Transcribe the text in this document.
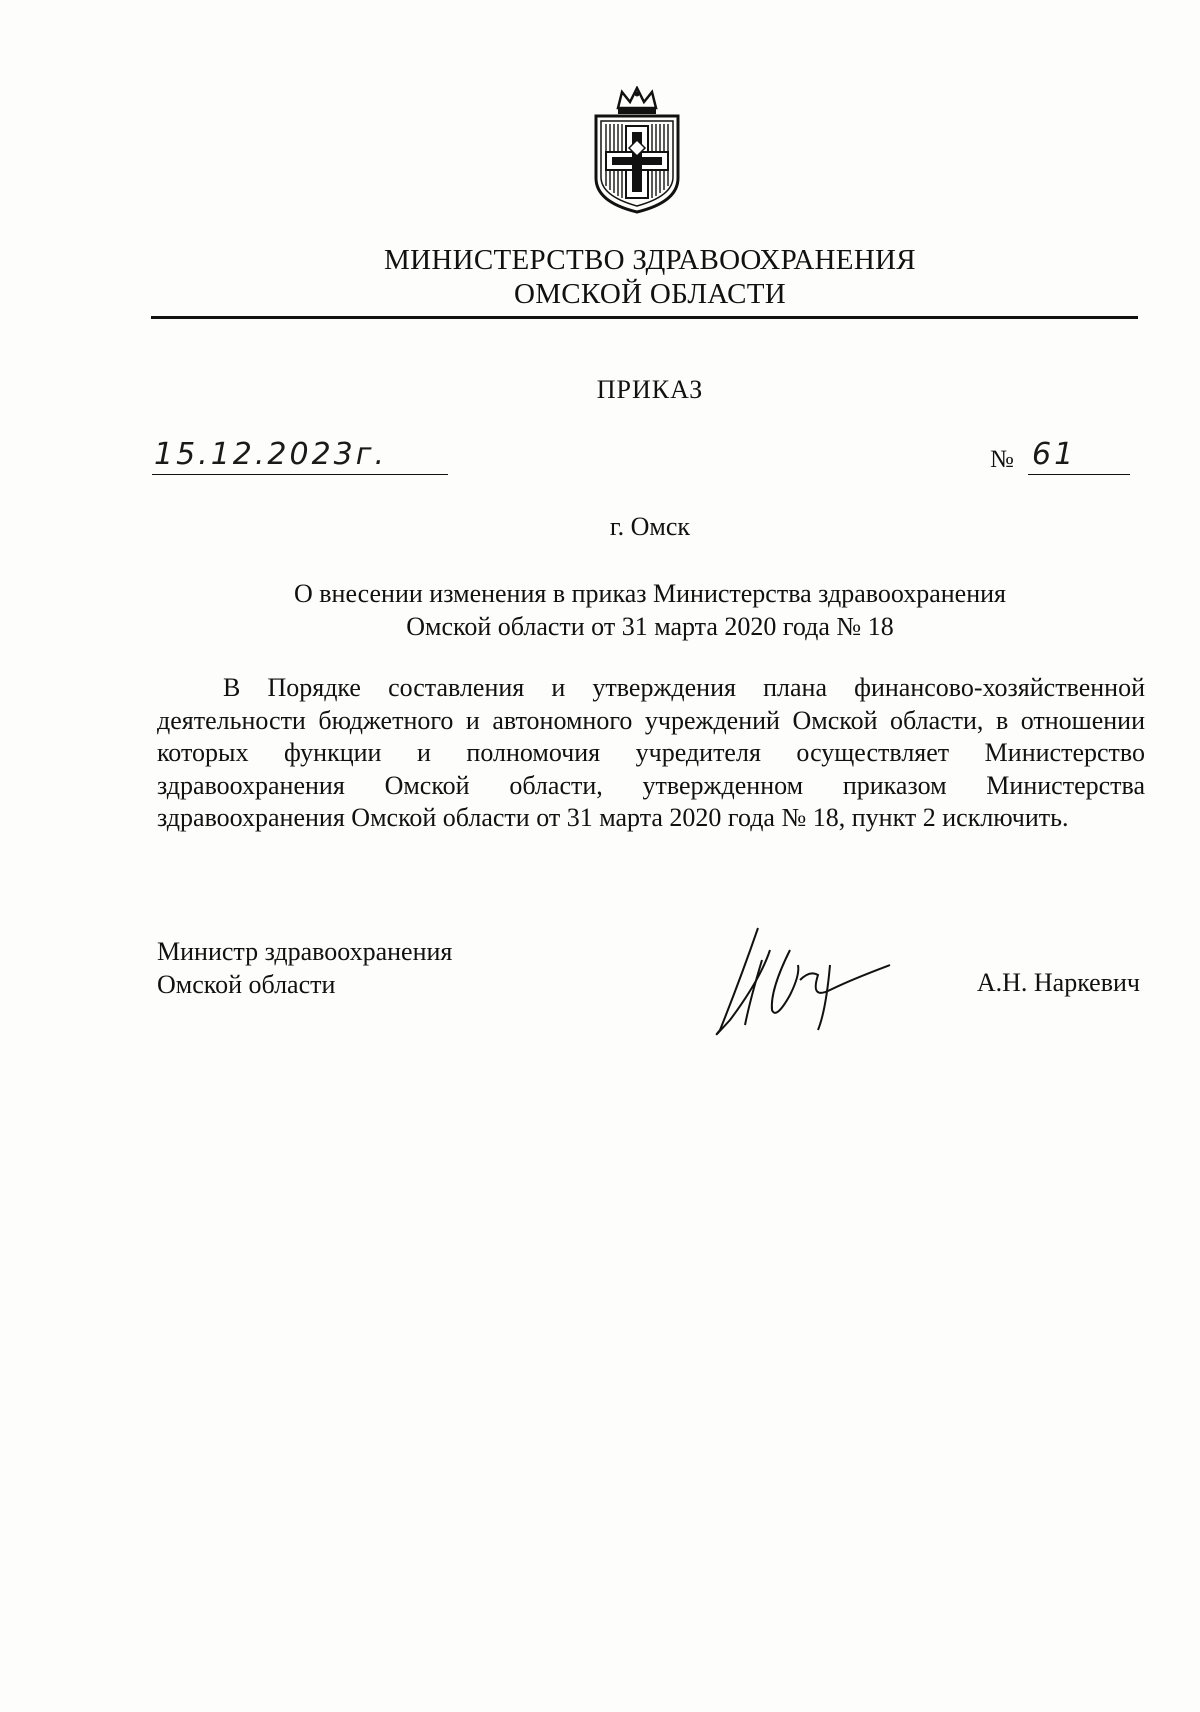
МИНИСТЕРСТВО ЗДРАВООХРАНЕНИЯ
ОМСКОЙ ОБЛАСТИ
ПРИКАЗ
15.12.2023г.	№ 61
г. Омск
О внесении изменения в приказ Министерства здравоохранения
Омской области от 31 марта 2020 года № 18

В Порядке составления и утверждения плана финансово-хозяйственной деятельности бюджетного и автономного учреждений Омской области, в отношении которых функции и полномочия учредителя осуществляет Министерство здравоохранения Омской области, утвержденном приказом Министерства здравоохранения Омской области от 31 марта 2020 года № 18, пункт 2 исключить.

Министр здравоохранения
Омской области	А.Н. Наркевич
